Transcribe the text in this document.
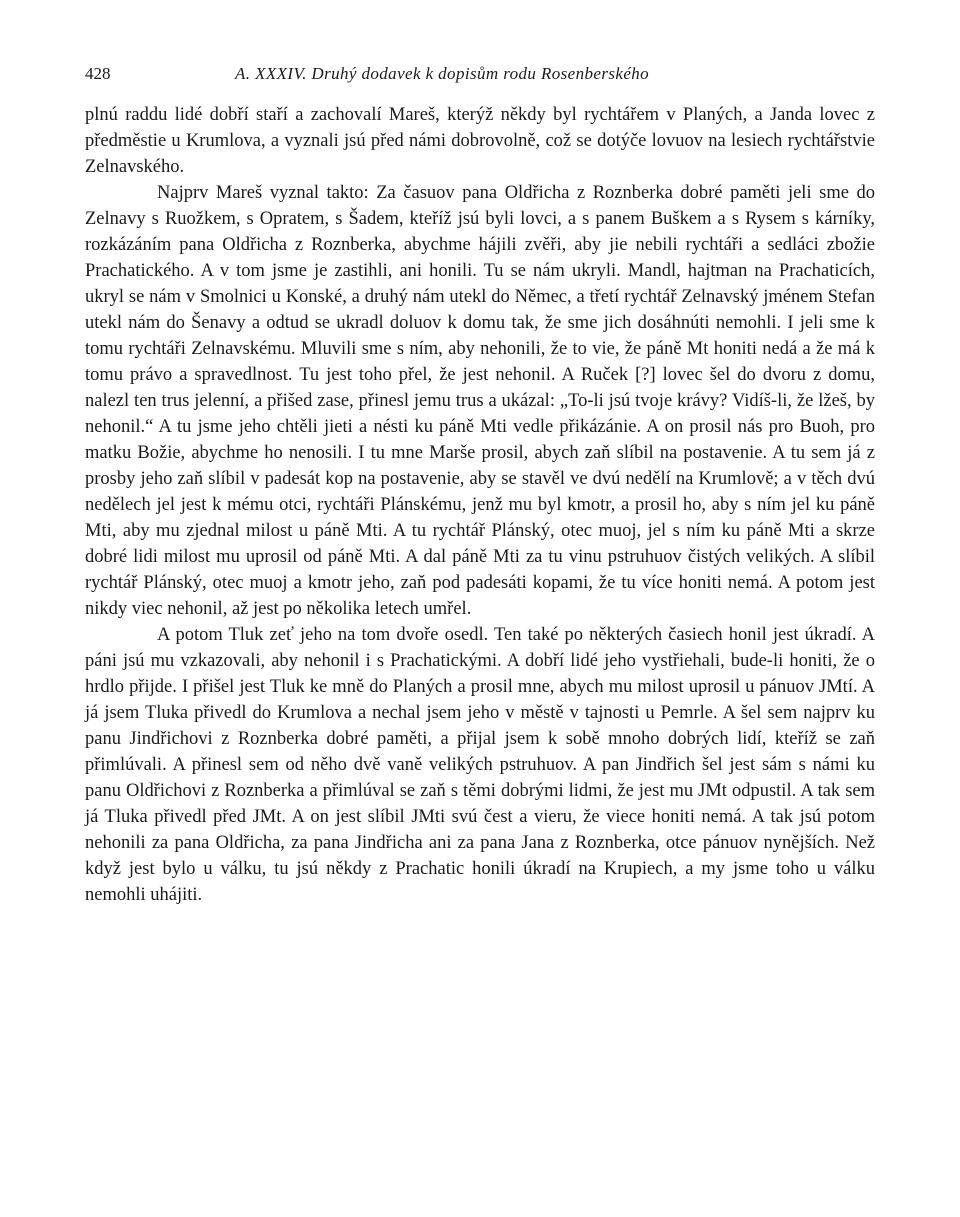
428	A. XXXIV. Druhý dodavek k dopisům rodu Rosenberského

plnú raddu lidé dobří staří a zachovalí Mareš, kterýž někdy byl rychtářem v Planých, a Janda lovec z předměstie u Krumlova, a vyznali jsú před námi dobrovolně, což se dotýče lovuov na lesiech rychtářstvie Zelnavského.

Najprv Mareš vyznal takto: Za časuov pana Oldřicha z Roznberka dobré paměti jeli sme do Zelnavy s Ruožkem, s Opratem, s Šadem, kteříž jsú byli lovci, a s panem Buškem a s Rysem s kárníky, rozkázáním pana Oldřicha z Roznberka, abychme hájili zvěři, aby jie nebili rychtáři a sedláci zbožie Prachatického. A v tom jsme je zastihli, ani honili. Tu se nám ukryli. Mandl, hajtman na Prachaticích, ukryl se nám v Smolnici u Konské, a druhý nám utekl do Němec, a třetí rychtář Zelnavský jménem Stefan utekl nám do Šenavy a odtud se ukradl doluov k domu tak, že sme jich dosáhnúti nemohli. I jeli sme k tomu rychtáři Zelnavskému. Mluvili sme s ním, aby nehonili, že to vie, že páně Mt honiti nedá a že má k tomu právo a spravedlnost. Tu jest toho přel, že jest nehonil. A Ruček [?] lovec šel do dvoru z domu, nalezl ten trus jelenní, a přišed zase, přinesl jemu trus a ukázal: „To-li jsú tvoje krávy? Vidíš-li, že lžeš, by nehonil.“ A tu jsme jeho chtěli jieti a nésti ku páně Mti vedle přikázánie. A on prosil nás pro Buoh, pro matku Božie, abychme ho nenosili. I tu mne Marše prosil, abych zaň slíbil na postavenie. A tu sem já z prosby jeho zaň slíbil v padesát kop na postavenie, aby se stavěl ve dvú nedělí na Krumlově; a v těch dvú nedělech jel jest k mému otci, rychtáři Plánskému, jenž mu byl kmotr, a prosil ho, aby s ním jel ku páně Mti, aby mu zjednal milost u páně Mti. A tu rychtář Plánský, otec muoj, jel s ním ku páně Mti a skrze dobré lidi milost mu uprosil od páně Mti. A dal páně Mti za tu vinu pstruhuov čistých velikých. A slíbil rychtář Plánský, otec muoj a kmotr jeho, zaň pod padesáti kopami, že tu více honiti nemá. A potom jest nikdy viec nehonil, až jest po několika letech umřel.

A potom Tluk zeť jeho na tom dvoře osedl. Ten také po některých časiech honil jest úkradí. A páni jsú mu vzkazovali, aby nehonil i s Prachatickými. A dobří lidé jeho vystřiehali, bude-li honiti, že o hrdlo přijde. I přišel jest Tluk ke mně do Planých a prosil mne, abych mu milost uprosil u pánuov JMtí. A já jsem Tluka přivedl do Krumlova a nechal jsem jeho v městě v tajnosti u Pemrle. A šel sem najprv ku panu Jindřichovi z Roznberka dobré paměti, a přijal jsem k sobě mnoho dobrých lidí, kteříž se zaň přimlúvali. A přinesl sem od něho dvě vaně velikých pstruhuov. A pan Jindřich šel jest sám s námi ku panu Oldřichovi z Roznberka a přimlúval se zaň s těmi dobrými lidmi, že jest mu JMt odpustil. A tak sem já Tluka přivedl před JMt. A on jest slíbil JMti svú čest a vieru, že viece honiti nemá. A tak jsú potom nehonili za pana Oldřicha, za pana Jindřicha ani za pana Jana z Roznberka, otce pánuov nynějších. Než když jest bylo u válku, tu jsú někdy z Prachatic honili úkradí na Krupiech, a my jsme toho u válku nemohli uhájiti.
